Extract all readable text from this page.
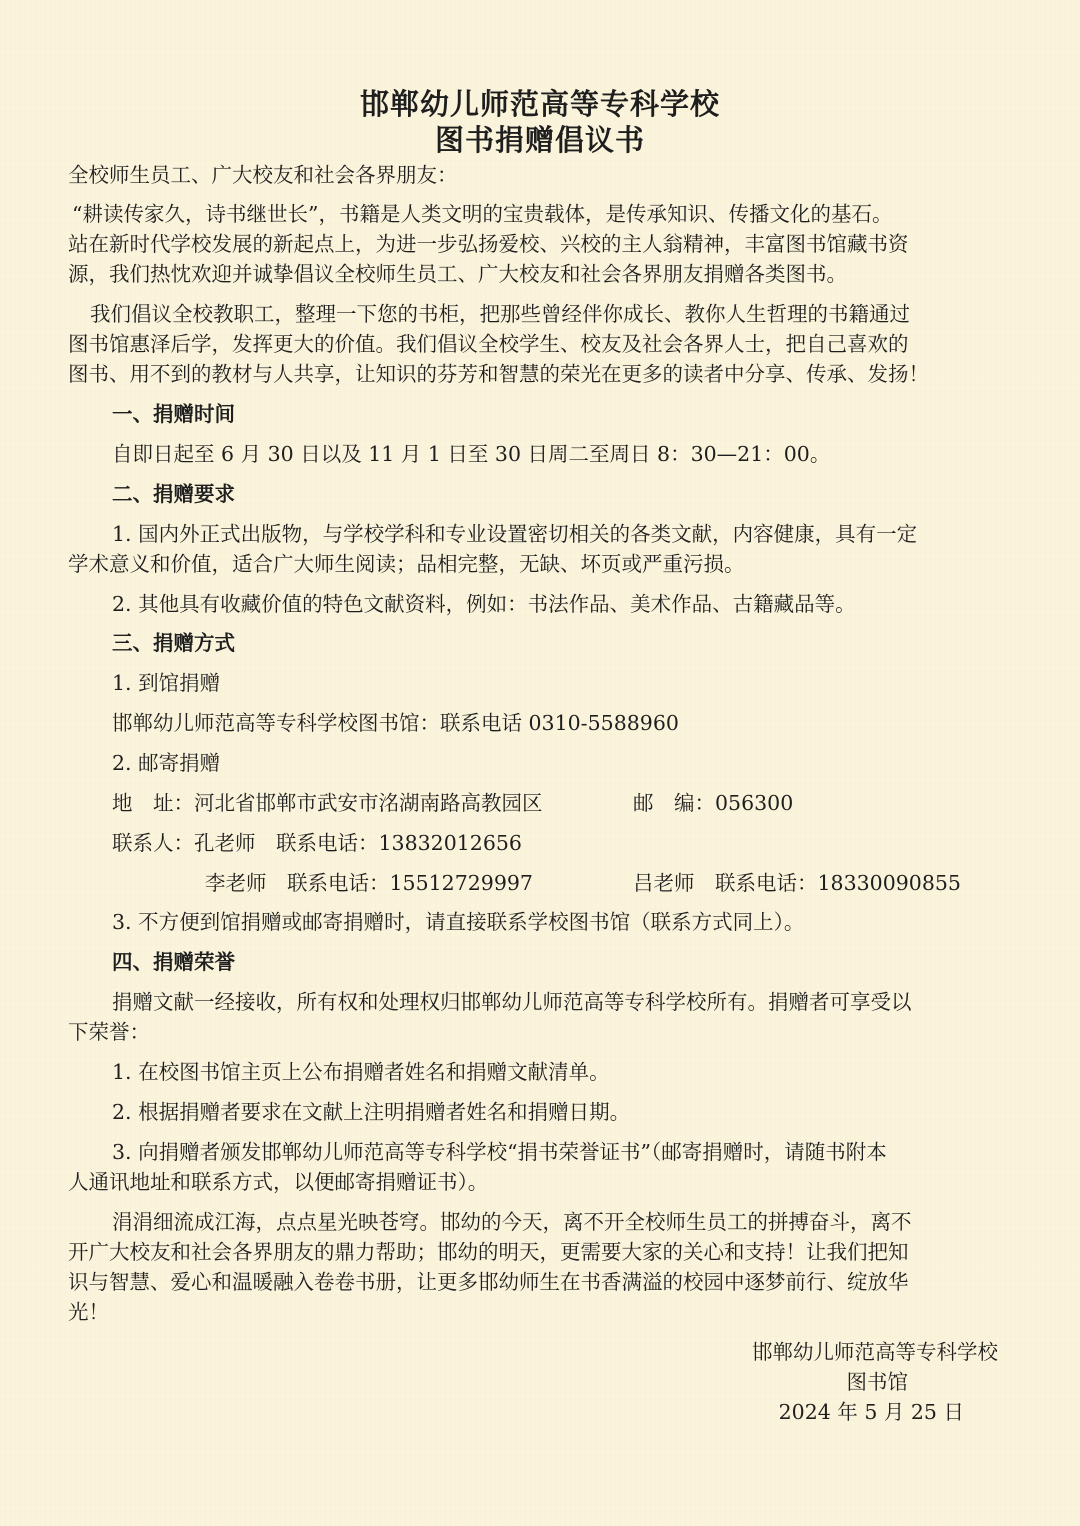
邯郸幼儿师范高等专科学校
图书捐赠倡议书
全校师生员工、广大校友和社会各界朋友：
“耕读传家久，诗书继世长”，书籍是人类文明的宝贵载体，是传承知识、传播文化的基石。
站在新时代学校发展的新起点上，为进一步弘扬爱校、兴校的主人翁精神，丰富图书馆藏书资
源，我们热忱欢迎并诚挚倡议全校师生员工、广大校友和社会各界朋友捐赠各类图书。
我们倡议全校教职工，整理一下您的书柜，把那些曾经伴你成长、教你人生哲理的书籍通过
图书馆惠泽后学，发挥更大的价值。我们倡议全校学生、校友及社会各界人士，把自己喜欢的
图书、用不到的教材与人共享，让知识的芬芳和智慧的荣光在更多的读者中分享、传承、发扬！
一、捐赠时间
自即日起至 6 月 30 日以及 11 月 1 日至 30 日周二至周日 8：30—21：00。
二、捐赠要求
1. 国内外正式出版物，与学校学科和专业设置密切相关的各类文献，内容健康，具有一定
学术意义和价值，适合广大师生阅读；品相完整，无缺、坏页或严重污损。
2. 其他具有收藏价值的特色文献资料，例如：书法作品、美术作品、古籍藏品等。
三、捐赠方式
1. 到馆捐赠
邯郸幼儿师范高等专科学校图书馆：联系电话 0310-5588960
2. 邮寄捐赠
地　址：河北省邯郸市武安市洺湖南路高教园区	邮　编：056300
联系人：孔老师　联系电话：13832012656
李老师　联系电话：15512729997	吕老师　联系电话：18330090855
3. 不方便到馆捐赠或邮寄捐赠时，请直接联系学校图书馆（联系方式同上）。
四、捐赠荣誉
捐赠文献一经接收，所有权和处理权归邯郸幼儿师范高等专科学校所有。捐赠者可享受以
下荣誉：
1. 在校图书馆主页上公布捐赠者姓名和捐赠文献清单。
2. 根据捐赠者要求在文献上注明捐赠者姓名和捐赠日期。
3. 向捐赠者颁发邯郸幼儿师范高等专科学校“捐书荣誉证书”（邮寄捐赠时，请随书附本
人通讯地址和联系方式，以便邮寄捐赠证书）。
涓涓细流成江海，点点星光映苍穹。邯幼的今天，离不开全校师生员工的拼搏奋斗，离不
开广大校友和社会各界朋友的鼎力帮助；邯幼的明天，更需要大家的关心和支持！让我们把知
识与智慧、爱心和温暖融入卷卷书册，让更多邯幼师生在书香满溢的校园中逐梦前行、绽放华
光！
邯郸幼儿师范高等专科学校
图书馆
2024 年 5 月 25 日
